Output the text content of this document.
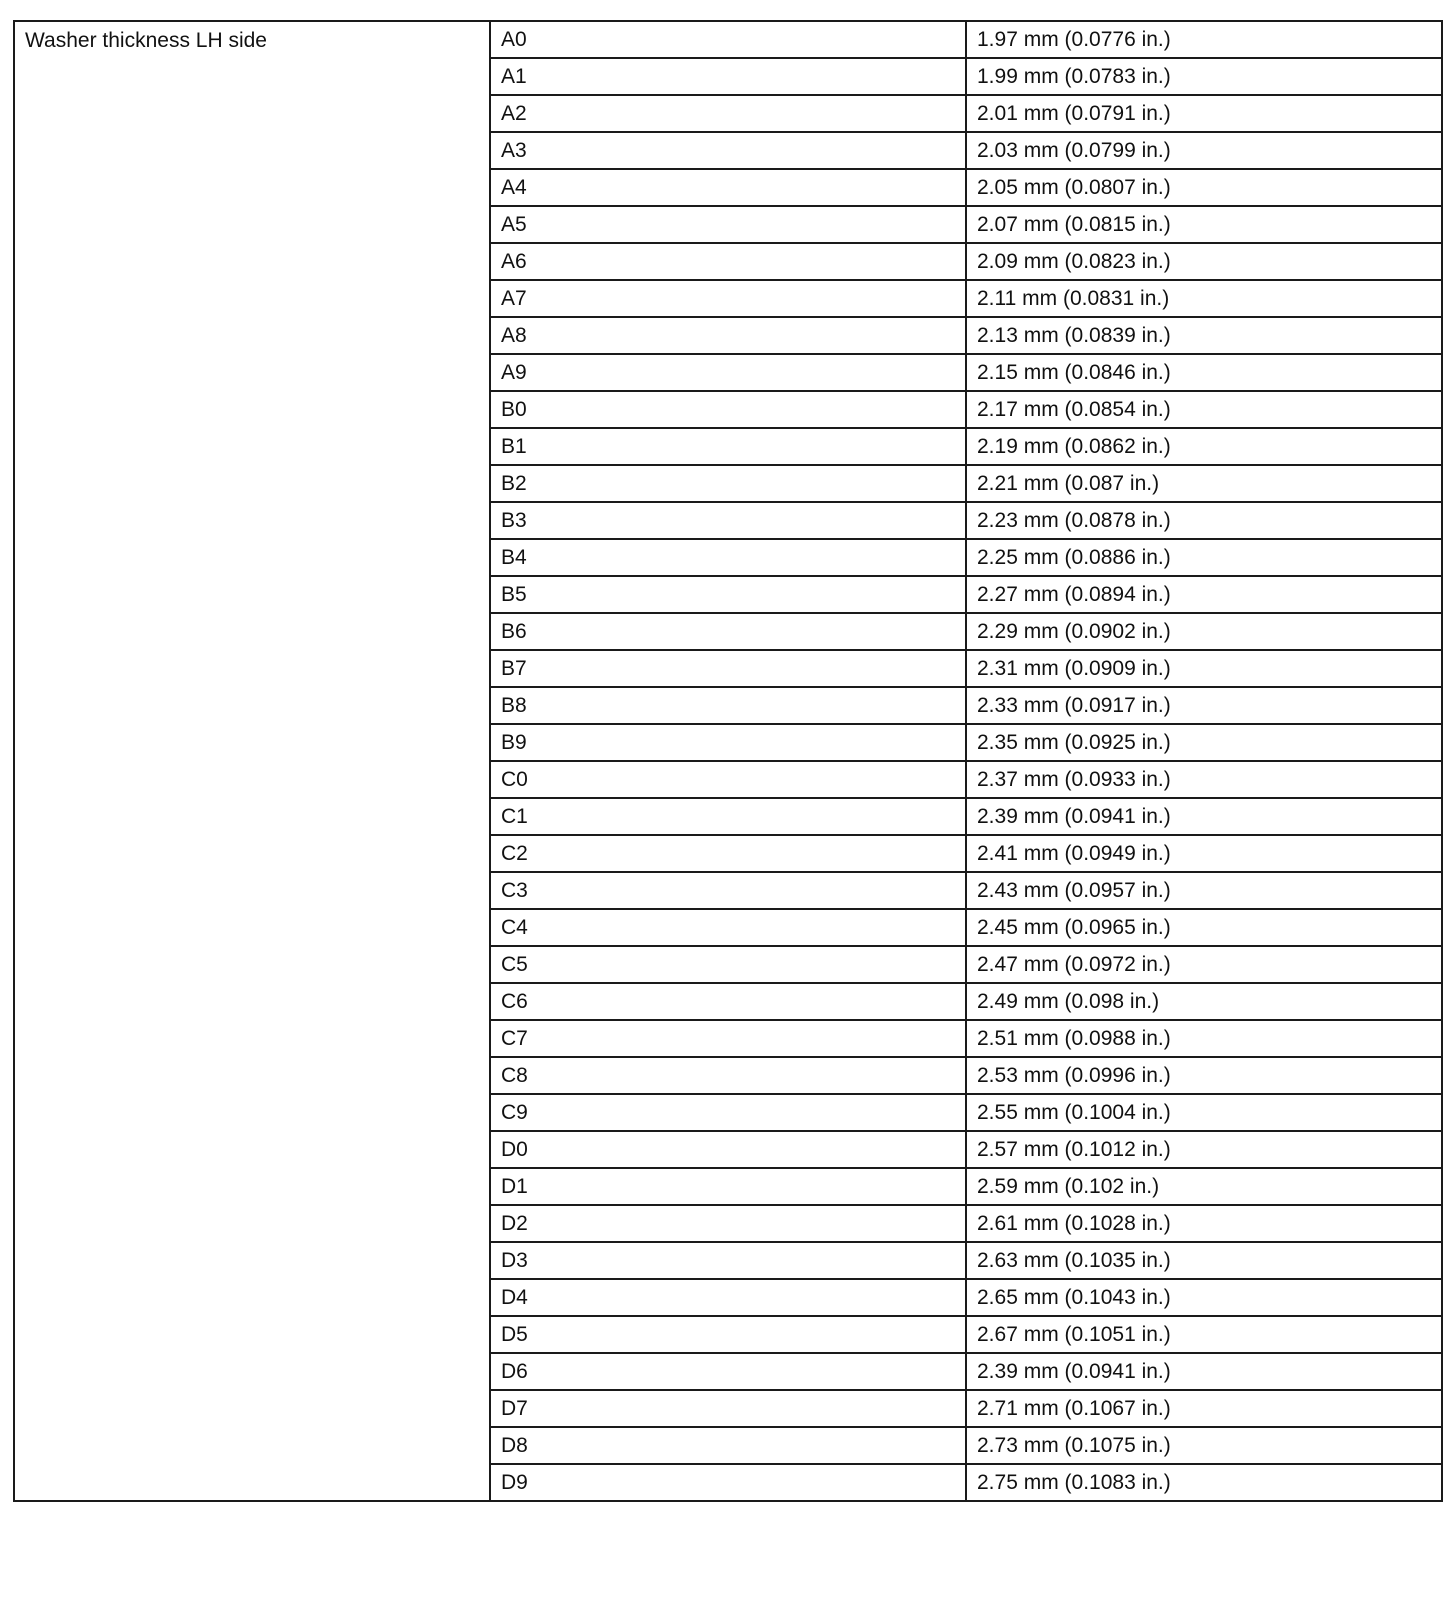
Washer thickness LH side	A0	1.97 mm (0.0776 in.)
	A1	1.99 mm (0.0783 in.)
	A2	2.01 mm (0.0791 in.)
	A3	2.03 mm (0.0799 in.)
	A4	2.05 mm (0.0807 in.)
	A5	2.07 mm (0.0815 in.)
	A6	2.09 mm (0.0823 in.)
	A7	2.11 mm (0.0831 in.)
	A8	2.13 mm (0.0839 in.)
	A9	2.15 mm (0.0846 in.)
	B0	2.17 mm (0.0854 in.)
	B1	2.19 mm (0.0862 in.)
	B2	2.21 mm (0.087 in.)
	B3	2.23 mm (0.0878 in.)
	B4	2.25 mm (0.0886 in.)
	B5	2.27 mm (0.0894 in.)
	B6	2.29 mm (0.0902 in.)
	B7	2.31 mm (0.0909 in.)
	B8	2.33 mm (0.0917 in.)
	B9	2.35 mm (0.0925 in.)
	C0	2.37 mm (0.0933 in.)
	C1	2.39 mm (0.0941 in.)
	C2	2.41 mm (0.0949 in.)
	C3	2.43 mm (0.0957 in.)
	C4	2.45 mm (0.0965 in.)
	C5	2.47 mm (0.0972 in.)
	C6	2.49 mm (0.098 in.)
	C7	2.51 mm (0.0988 in.)
	C8	2.53 mm (0.0996 in.)
	C9	2.55 mm (0.1004 in.)
	D0	2.57 mm (0.1012 in.)
	D1	2.59 mm (0.102 in.)
	D2	2.61 mm (0.1028 in.)
	D3	2.63 mm (0.1035 in.)
	D4	2.65 mm (0.1043 in.)
	D5	2.67 mm (0.1051 in.)
	D6	2.39 mm (0.0941 in.)
	D7	2.71 mm (0.1067 in.)
	D8	2.73 mm (0.1075 in.)
	D9	2.75 mm (0.1083 in.)
